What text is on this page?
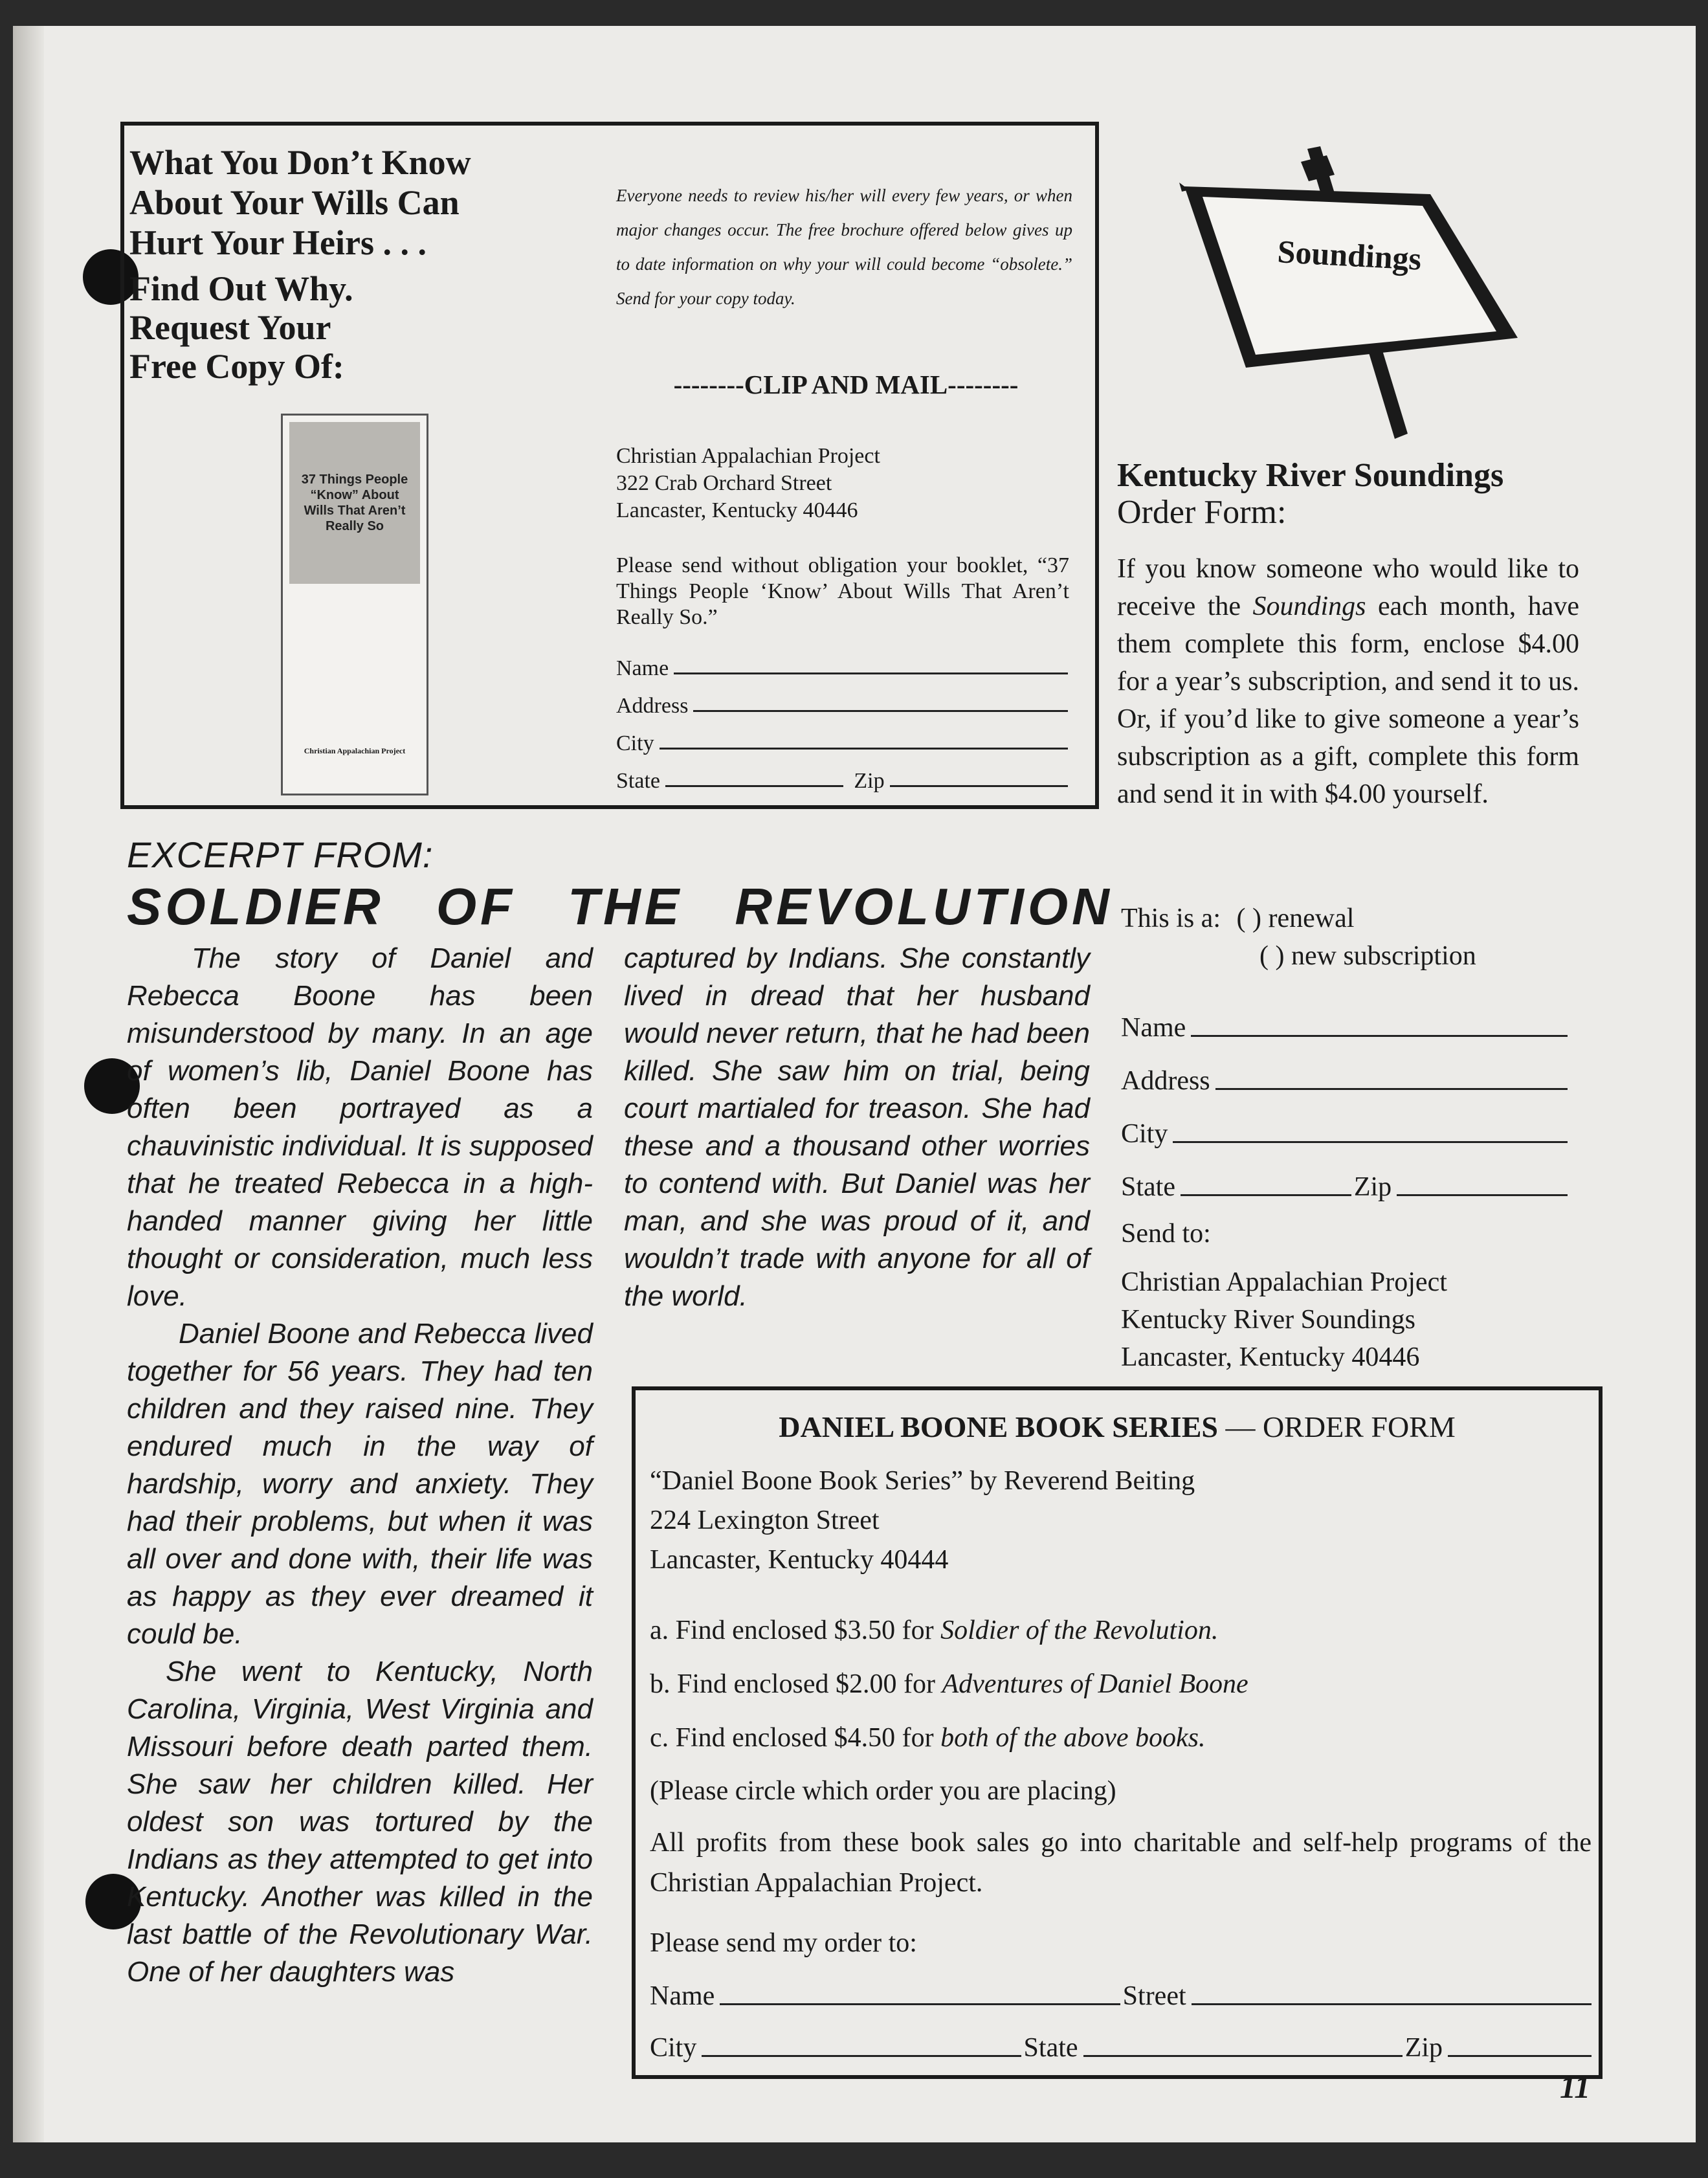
What You Don’t Know
About Your Wills Can
Hurt Your Heirs . . .
Find Out Why.
Request Your
Free Copy Of:
37 Things People “Know” About Wills That Aren’t Really So
Christian Appalachian Project
Everyone needs to review his/her will every few years, or when major changes occur. The free brochure offered below gives up to date information on why your will could become “obsolete.” Send for your copy today.
--------CLIP AND MAIL--------
Christian Appalachian Project
322 Crab Orchard Street
Lancaster, Kentucky 40446
Please send without obligation your booklet, “37 Things People ‘Know’ About Wills That Aren’t Really So.”
Name
Address
City
State	Zip
Soundings
Kentucky River Soundings
Order Form:
If you know someone who would like to receive the Soundings each month, have them complete this form, enclose $4.00 for a year’s subscription, and send it to us. Or, if you’d like to give someone a year’s subscription as a gift, complete this form and send it in with $4.00 yourself.
This is a: ( ) renewal
( ) new subscription
Name
Address
City
State	Zip
Send to:
Christian Appalachian Project
Kentucky River Soundings
Lancaster, Kentucky 40446
EXCERPT FROM:
SOLDIER OF THE REVOLUTION

The story of Daniel and Rebecca Boone has been misunderstood by many. In an age of women’s lib, Daniel Boone has often been portrayed as a chauvinistic individual. It is supposed that he treated Rebecca in a high-handed manner giving her little thought or consideration, much less love.

Daniel Boone and Rebecca lived together for 56 years. They had ten children and they raised nine. They endured much in the way of hardship, worry and anxiety. They had their problems, but when it was all over and done with, their life was as happy as they ever dreamed it could be.

She went to Kentucky, North Carolina, Virginia, West Virginia and Missouri before death parted them. She saw her children killed. Her oldest son was tortured by the Indians as they attempted to get into Kentucky. Another was killed in the last battle of the Revolutionary War. One of her daughters was

captured by Indians. She constantly lived in dread that her husband would never return, that he had been killed. She saw him on trial, being court martialed for treason. She had these and a thousand other worries to contend with. But Daniel was her man, and she was proud of it, and wouldn’t trade with anyone for all of the world.

DANIEL BOONE BOOK SERIES — ORDER FORM
“Daniel Boone Book Series” by Reverend Beiting
224 Lexington Street
Lancaster, Kentucky 40444
a. Find enclosed $3.50 for Soldier of the Revolution.
b. Find enclosed $2.00 for Adventures of Daniel Boone
c. Find enclosed $4.50 for both of the above books.
(Please circle which order you are placing)
All profits from these book sales go into charitable and self-help programs of the Christian Appalachian Project.
Please send my order to:
Name	Street
City	State	Zip
11
